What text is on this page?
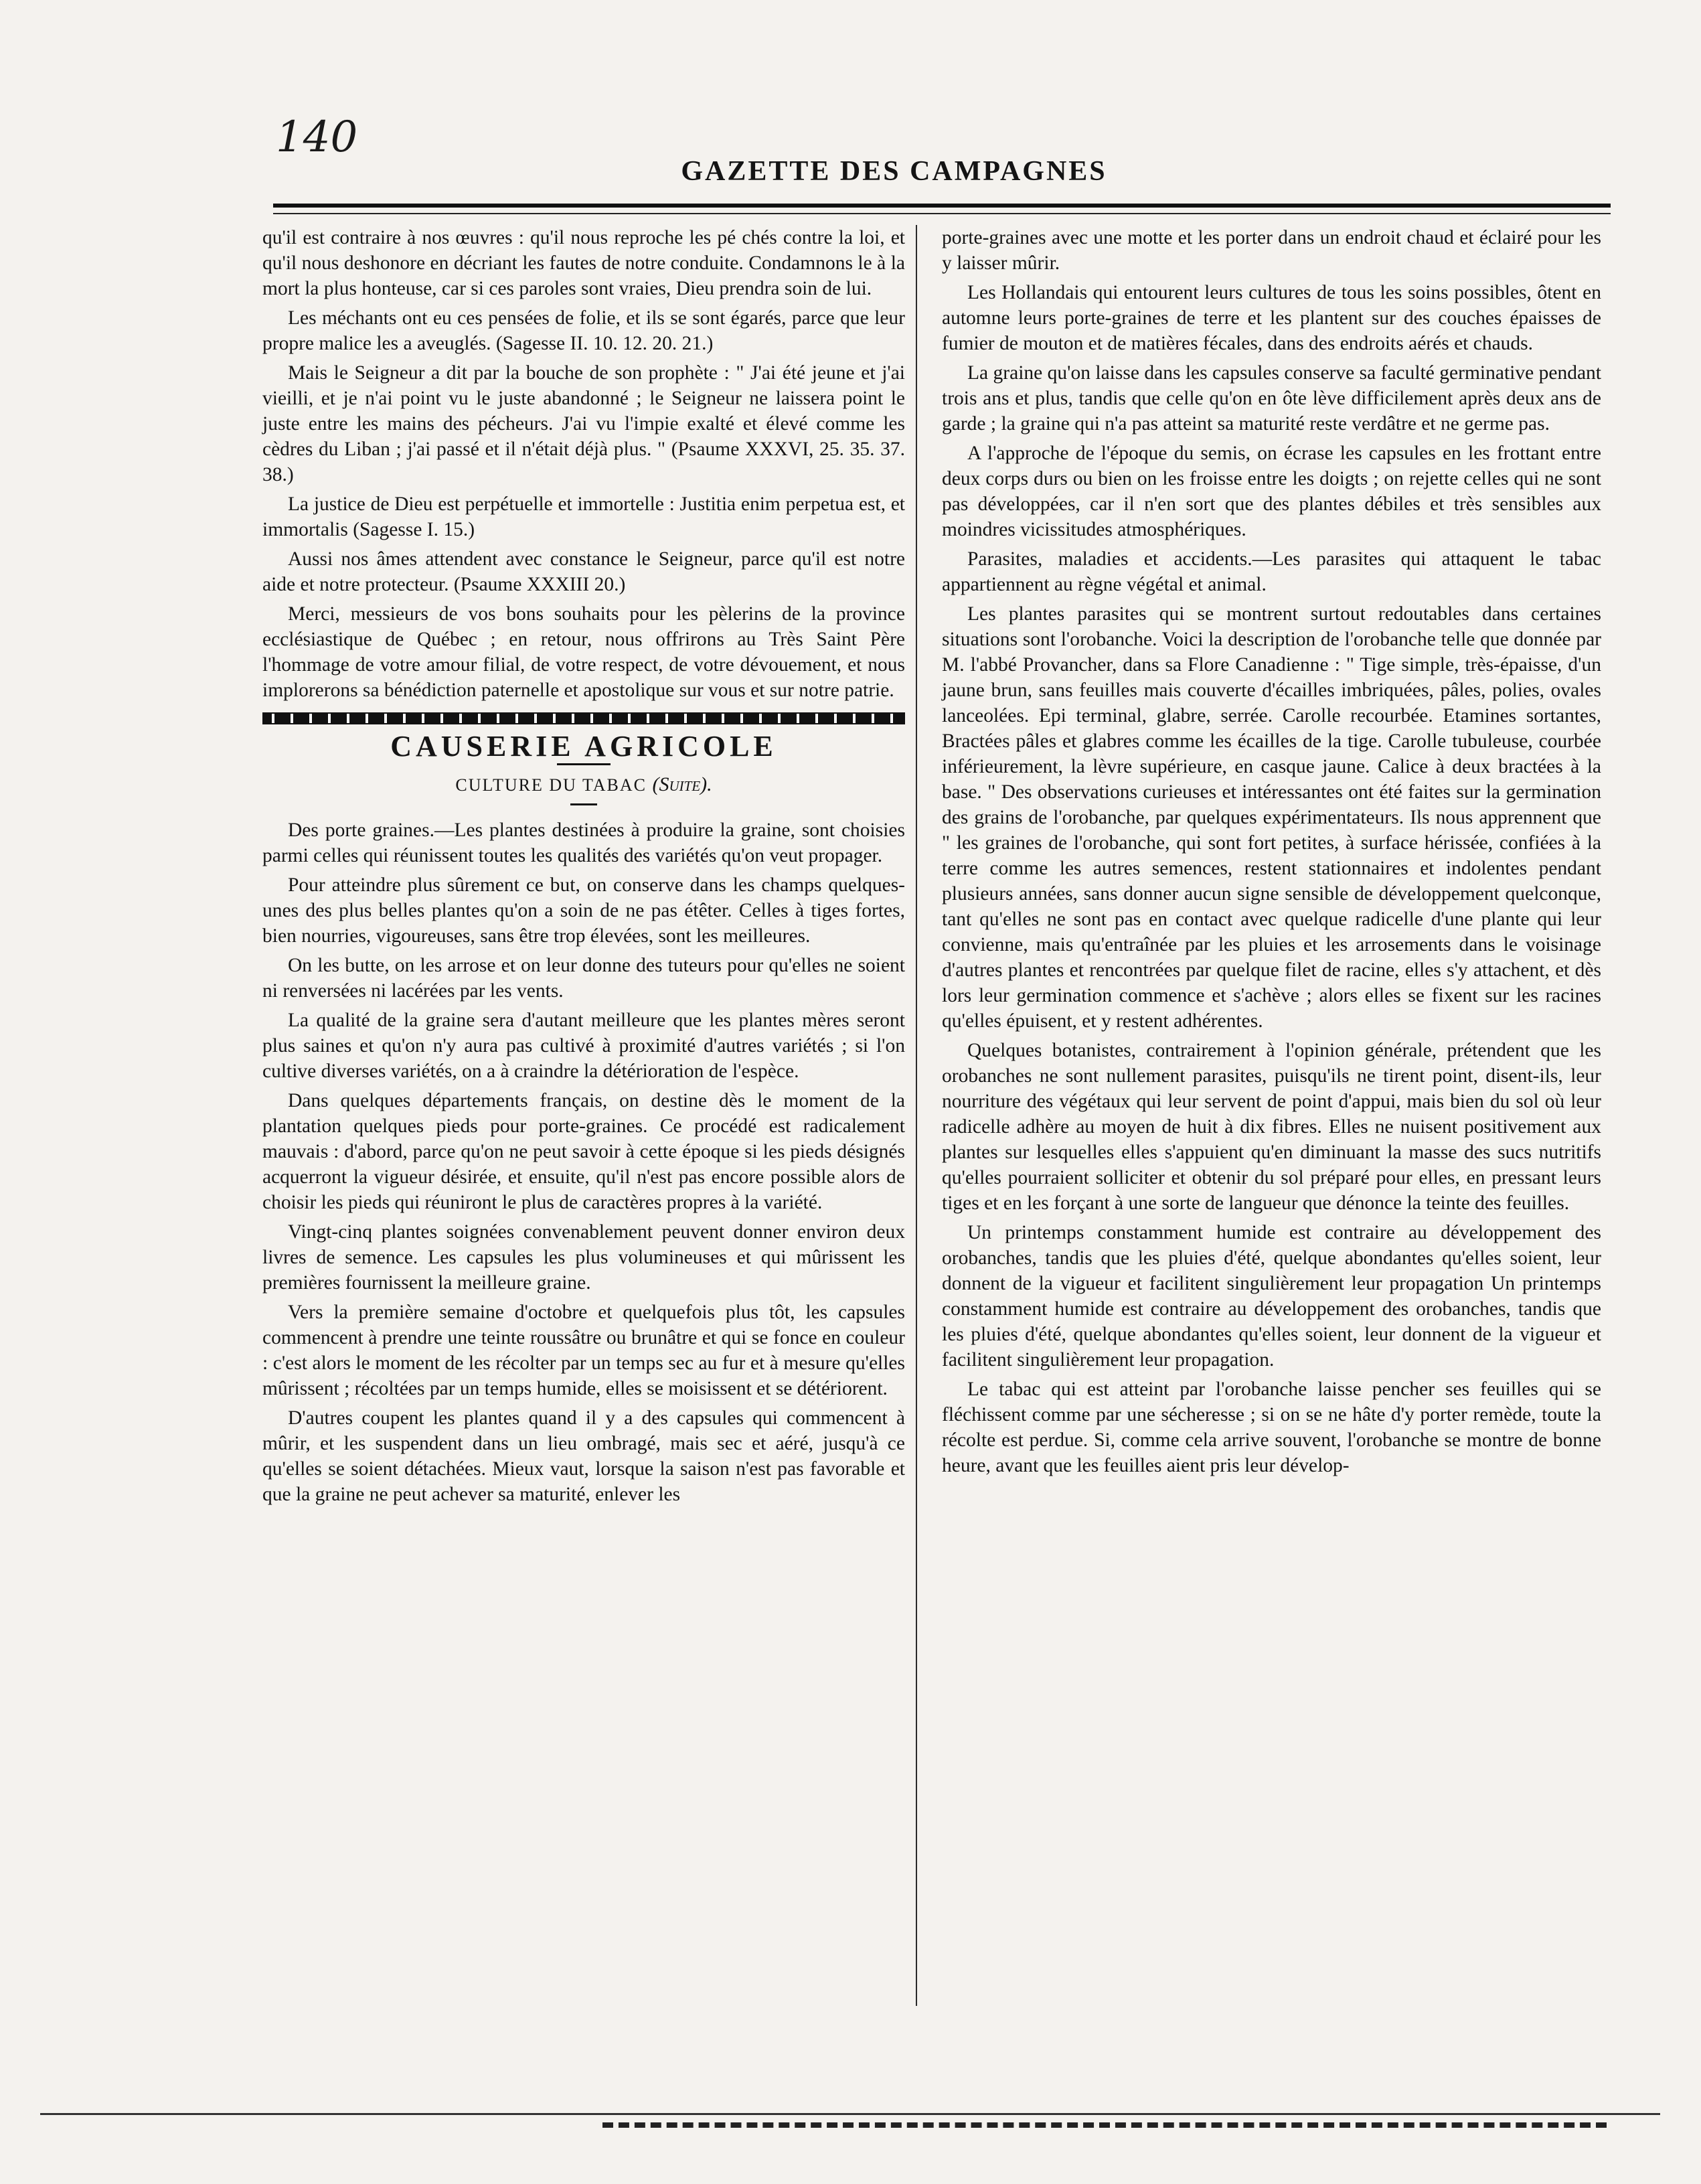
140
GAZETTE DES CAMPAGNES

qu'il est contraire à nos œuvres : qu'il nous reproche les pé chés contre la loi, et qu'il nous deshonore en décriant les fautes de notre conduite. Condamnons le à la mort la plus honteuse, car si ces paroles sont vraies, Dieu prendra soin de lui.

Les méchants ont eu ces pensées de folie, et ils se sont égarés, parce que leur propre malice les a aveuglés. (Sagesse II. 10. 12. 20. 21.)

Mais le Seigneur a dit par la bouche de son prophète : " J'ai été jeune et j'ai vieilli, et je n'ai point vu le juste abandonné ; le Seigneur ne laissera point le juste entre les mains des pécheurs. J'ai vu l'impie exalté et élevé comme les cèdres du Liban ; j'ai passé et il n'était déjà plus. " (Psaume XXXVI, 25. 35. 37. 38.)

La justice de Dieu est perpétuelle et immortelle : Justitia enim perpetua est, et immortalis (Sagesse I. 15.)

Aussi nos âmes attendent avec constance le Seigneur, parce qu'il est notre aide et notre protecteur. (Psaume XXXIII 20.)

Merci, messieurs de vos bons souhaits pour les pèlerins de la province ecclésiastique de Québec ; en retour, nous offrirons au Très Saint Père l'hommage de votre amour filial, de votre respect, de votre dévouement, et nous implorerons sa bénédiction paternelle et apostolique sur vous et sur notre patrie.

CAUSERIE AGRICOLE
CULTURE DU TABAC (Suite).

Des porte graines.—Les plantes destinées à produire la graine, sont choisies parmi celles qui réunissent toutes les qualités des variétés qu'on veut propager.

Pour atteindre plus sûrement ce but, on conserve dans les champs quelques-unes des plus belles plantes qu'on a soin de ne pas étêter. Celles à tiges fortes, bien nourries, vigoureuses, sans être trop élevées, sont les meilleures.

On les butte, on les arrose et on leur donne des tuteurs pour qu'elles ne soient ni renversées ni lacérées par les vents.

La qualité de la graine sera d'autant meilleure que les plantes mères seront plus saines et qu'on n'y aura pas cultivé à proximité d'autres variétés ; si l'on cultive diverses variétés, on a à craindre la détérioration de l'espèce.

Dans quelques départements français, on destine dès le moment de la plantation quelques pieds pour porte-graines. Ce procédé est radicalement mauvais : d'abord, parce qu'on ne peut savoir à cette époque si les pieds désignés acquerront la vigueur désirée, et ensuite, qu'il n'est pas encore possible alors de choisir les pieds qui réuniront le plus de caractères propres à la variété.

Vingt-cinq plantes soignées convenablement peuvent donner environ deux livres de semence. Les capsules les plus volumineuses et qui mûrissent les premières fournissent la meilleure graine.

Vers la première semaine d'octobre et quelquefois plus tôt, les capsules commencent à prendre une teinte roussâtre ou brunâtre et qui se fonce en couleur : c'est alors le moment de les récolter par un temps sec au fur et à mesure qu'elles mûrissent ; récoltées par un temps humide, elles se moisissent et se détériorent.

D'autres coupent les plantes quand il y a des capsules qui commencent à mûrir, et les suspendent dans un lieu ombragé, mais sec et aéré, jusqu'à ce qu'elles se soient détachées. Mieux vaut, lorsque la saison n'est pas favorable et que la graine ne peut achever sa maturité, enlever les

porte-graines avec une motte et les porter dans un endroit chaud et éclairé pour les y laisser mûrir.

Les Hollandais qui entourent leurs cultures de tous les soins possibles, ôtent en automne leurs porte-graines de terre et les plantent sur des couches épaisses de fumier de mouton et de matières fécales, dans des endroits aérés et chauds.

La graine qu'on laisse dans les capsules conserve sa faculté germinative pendant trois ans et plus, tandis que celle qu'on en ôte lève difficilement après deux ans de garde ; la graine qui n'a pas atteint sa maturité reste verdâtre et ne germe pas.

A l'approche de l'époque du semis, on écrase les capsules en les frottant entre deux corps durs ou bien on les froisse entre les doigts ; on rejette celles qui ne sont pas développées, car il n'en sort que des plantes débiles et très sensibles aux moindres vicissitudes atmosphériques.

Parasites, maladies et accidents.—Les parasites qui attaquent le tabac appartiennent au règne végétal et animal.

Les plantes parasites qui se montrent surtout redoutables dans certaines situations sont l'orobanche. Voici la description de l'orobanche telle que donnée par M. l'abbé Provancher, dans sa Flore Canadienne : " Tige simple, très-épaisse, d'un jaune brun, sans feuilles mais couverte d'écailles imbriquées, pâles, polies, ovales lanceolées. Epi terminal, glabre, serrée. Carolle recourbée. Etamines sortantes, Bractées pâles et glabres comme les écailles de la tige. Carolle tubuleuse, courbée inférieurement, la lèvre supérieure, en casque jaune. Calice à deux bractées à la base. " Des observations curieuses et intéressantes ont été faites sur la germination des grains de l'orobanche, par quelques expérimentateurs. Ils nous apprennent que " les graines de l'orobanche, qui sont fort petites, à surface hérissée, confiées à la terre comme les autres semences, restent stationnaires et indolentes pendant plusieurs années, sans donner aucun signe sensible de développement quelconque, tant qu'elles ne sont pas en contact avec quelque radicelle d'une plante qui leur convienne, mais qu'entraînée par les pluies et les arrosements dans le voisinage d'autres plantes et rencontrées par quelque filet de racine, elles s'y attachent, et dès lors leur germination commence et s'achève ; alors elles se fixent sur les racines qu'elles épuisent, et y restent adhérentes.

Quelques botanistes, contrairement à l'opinion générale, prétendent que les orobanches ne sont nullement parasites, puisqu'ils ne tirent point, disent-ils, leur nourriture des végétaux qui leur servent de point d'appui, mais bien du sol où leur radicelle adhère au moyen de huit à dix fibres. Elles ne nuisent positivement aux plantes sur lesquelles elles s'appuient qu'en diminuant la masse des sucs nutritifs qu'elles pourraient solliciter et obtenir du sol préparé pour elles, en pressant leurs tiges et en les forçant à une sorte de langueur que dénonce la teinte des feuilles.

Un printemps constamment humide est contraire au développement des orobanches, tandis que les pluies d'été, quelque abondantes qu'elles soient, leur donnent de la vigueur et facilitent singulièrement leur propagation Un printemps constamment humide est contraire au développement des orobanches, tandis que les pluies d'été, quelque abondantes qu'elles soient, leur donnent de la vigueur et facilitent singulièrement leur propagation.

Le tabac qui est atteint par l'orobanche laisse pencher ses feuilles qui se fléchissent comme par une sécheresse ; si on se ne hâte d'y porter remède, toute la récolte est perdue. Si, comme cela arrive souvent, l'orobanche se montre de bonne heure, avant que les feuilles aient pris leur dévelop-
